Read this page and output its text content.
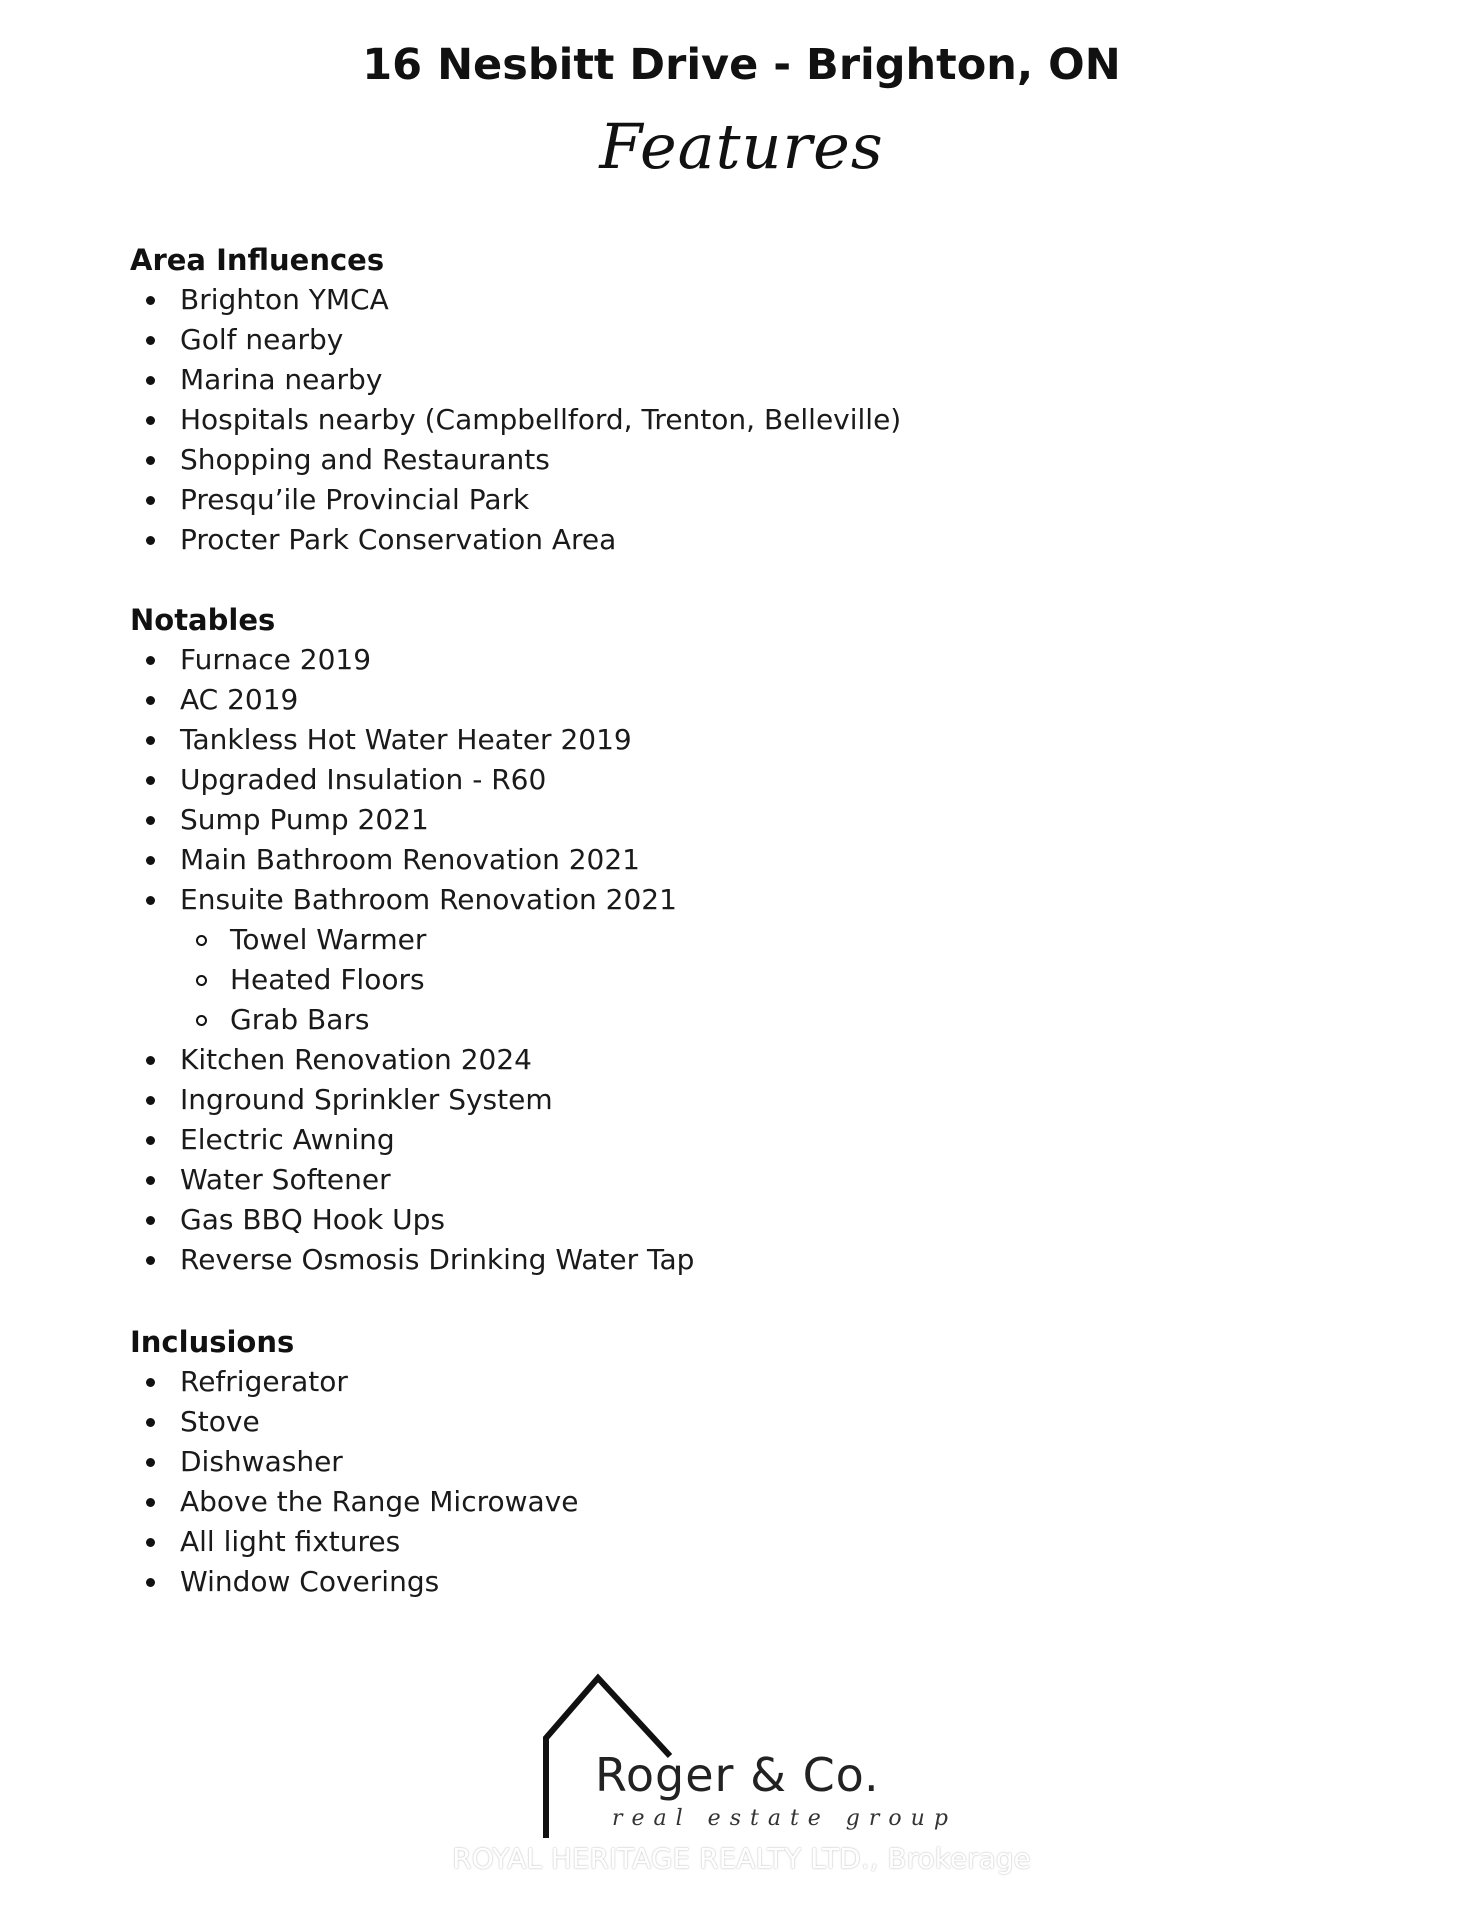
16 Nesbitt Drive - Brighton, ON
Features
Area Influences
Brighton YMCA
Golf nearby
Marina nearby
Hospitals nearby (Campbellford, Trenton, Belleville)
Shopping and Restaurants
Presqu’ile Provincial Park
Procter Park Conservation Area
Notables
Furnace 2019
AC 2019
Tankless Hot Water Heater 2019
Upgraded Insulation - R60
Sump Pump 2021
Main Bathroom Renovation 2021
Ensuite Bathroom Renovation 2021
Towel Warmer
Heated Floors
Grab Bars
Kitchen Renovation 2024
Inground Sprinkler System
Electric Awning
Water Softener
Gas BBQ Hook Ups
Reverse Osmosis Drinking Water Tap
Inclusions
Refrigerator
Stove
Dishwasher
Above the Range Microwave
All light fixtures
Window Coverings
Roger & Co.
real estate group
ROYAL HERITAGE REALTY LTD., Brokerage
